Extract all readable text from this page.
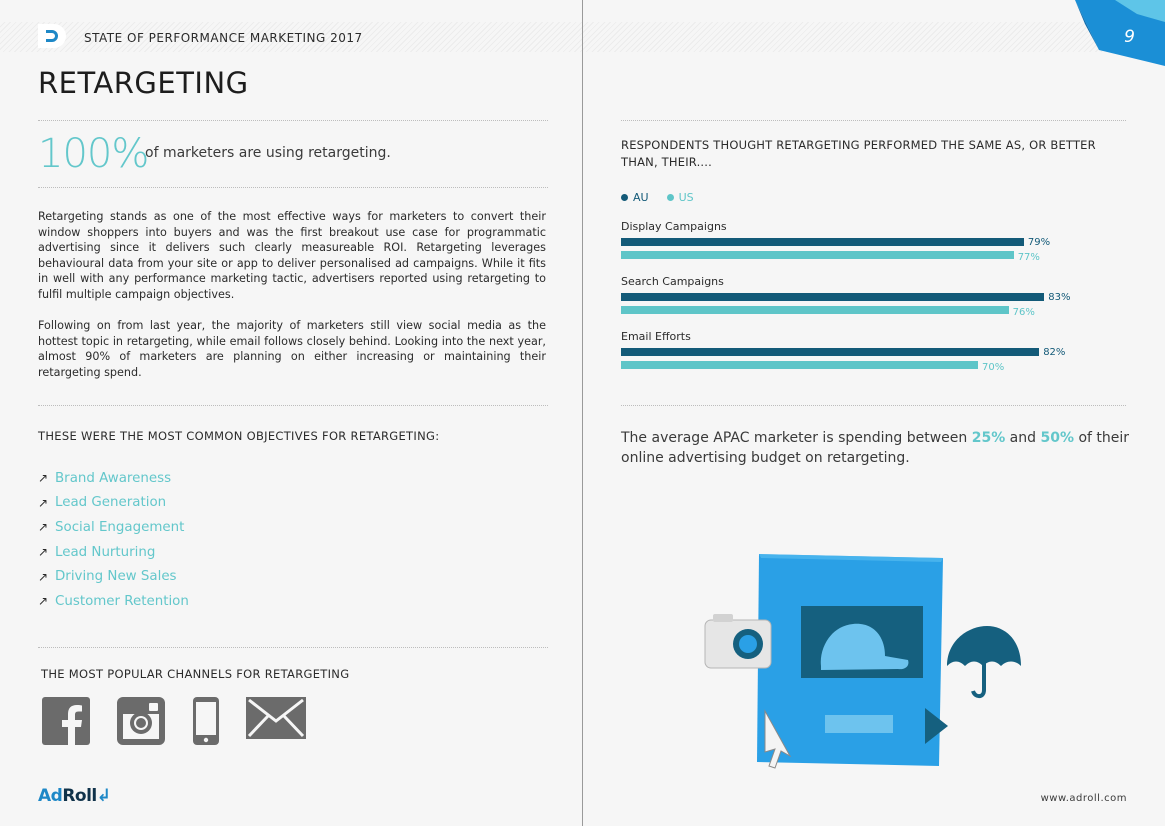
STATE OF PERFORMANCE MARKETING 2017
RETARGETING
100%
of marketers are using retargeting.

Retargeting stands as one of the most effective ways for marketers to convert their window shoppers into buyers and was the first breakout use case for programmatic advertising since it delivers such clearly measureable ROI. Retargeting leverages behavioural data from your site or app to deliver personalised ad campaigns. While it fits in well with any performance marketing tactic, advertisers reported using retargeting to fulfil multiple campaign objectives.

Following on from last year, the majority of marketers still view social media as the hottest topic in retargeting, while email follows closely behind. Looking into the next year, almost 90% of marketers are planning on either increasing or maintaining their retargeting spend.

THESE WERE THE MOST COMMON OBJECTIVES FOR RETARGETING:
↗ Brand Awareness
↗ Lead Generation
↗ Social Engagement
↗ Lead Nurturing
↗ Driving New Sales
↗ Customer Retention
THE MOST POPULAR CHANNELS FOR RETARGETING
AdRoll↲
9
RESPONDENTS THOUGHT RETARGETING PERFORMED THE SAME AS, OR BETTER THAN, THEIR....
AU	US
Display Campaigns
79%
77%
Search Campaigns
83%
76%
Email Efforts
82%
70%

The average APAC marketer is spending between 25% and 50% of their online advertising budget on retargeting.

www.adroll.com
